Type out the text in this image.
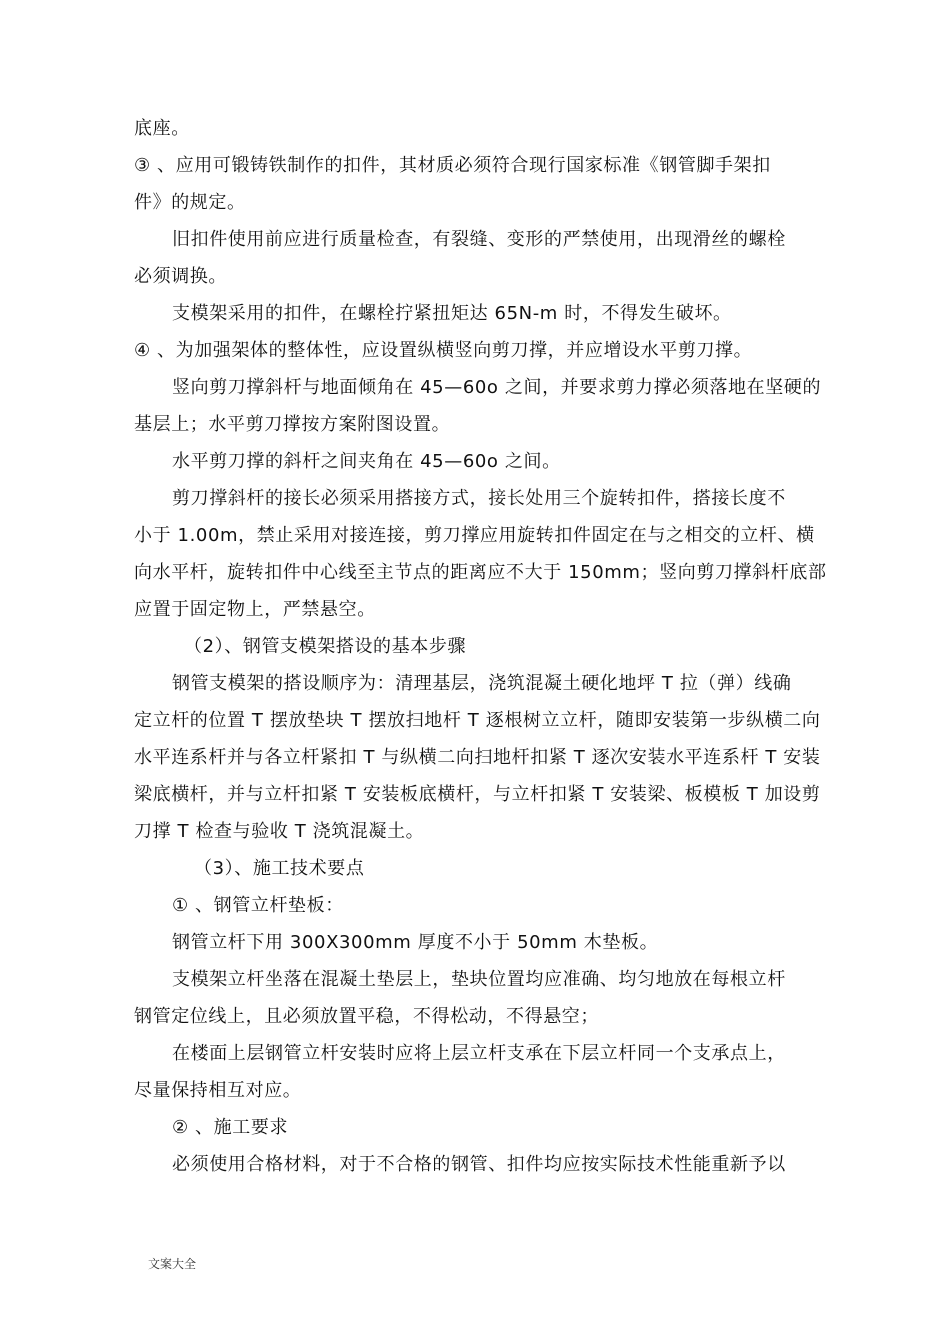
底座。
③ 、应用可锻铸铁制作的扣件，其材质必须符合现行国家标准《钢管脚手架扣
件》的规定。
旧扣件使用前应进行质量检查，有裂缝、变形的严禁使用，出现滑丝的螺栓
必须调换。
支模架采用的扣件，在螺栓拧紧扭矩达 65N-m 时，不得发生破坏。
④ 、为加强架体的整体性，应设置纵横竖向剪刀撑，并应增设水平剪刀撑。
竖向剪刀撑斜杆与地面倾角在 45—60o 之间，并要求剪力撑必须落地在坚硬的
基层上；水平剪刀撑按方案附图设置。
水平剪刀撑的斜杆之间夹角在 45—60o 之间。
剪刀撑斜杆的接长必须采用搭接方式，接长处用三个旋转扣件，搭接长度不
小于 1.00m，禁止采用对接连接，剪刀撑应用旋转扣件固定在与之相交的立杆、横
向水平杆，旋转扣件中心线至主节点的距离应不大于 150mm；竖向剪刀撑斜杆底部
应置于固定物上，严禁悬空。
（2）、钢管支模架搭设的基本步骤
钢管支模架的搭设顺序为：清理基层，浇筑混凝土硬化地坪 T 拉（弹）线确
定立杆的位置 T 摆放垫块 T 摆放扫地杆 T 逐根树立立杆，随即安装第一步纵横二向
水平连系杆并与各立杆紧扣 T 与纵横二向扫地杆扣紧 T 逐次安装水平连系杆 T 安装
梁底横杆，并与立杆扣紧 T 安装板底横杆，与立杆扣紧 T 安装梁、板模板 T 加设剪
刀撑 T 检查与验收 T 浇筑混凝土。
（3）、施工技术要点
① 、钢管立杆垫板：
钢管立杆下用 300X300mm 厚度不小于 50mm 木垫板。
支模架立杆坐落在混凝土垫层上，垫块位置均应准确、均匀地放在每根立杆
钢管定位线上，且必须放置平稳，不得松动，不得悬空；
在楼面上层钢管立杆安装时应将上层立杆支承在下层立杆同一个支承点上，
尽量保持相互对应。
② 、施工要求
必须使用合格材料，对于不合格的钢管、扣件均应按实际技术性能重新予以
文案大全
